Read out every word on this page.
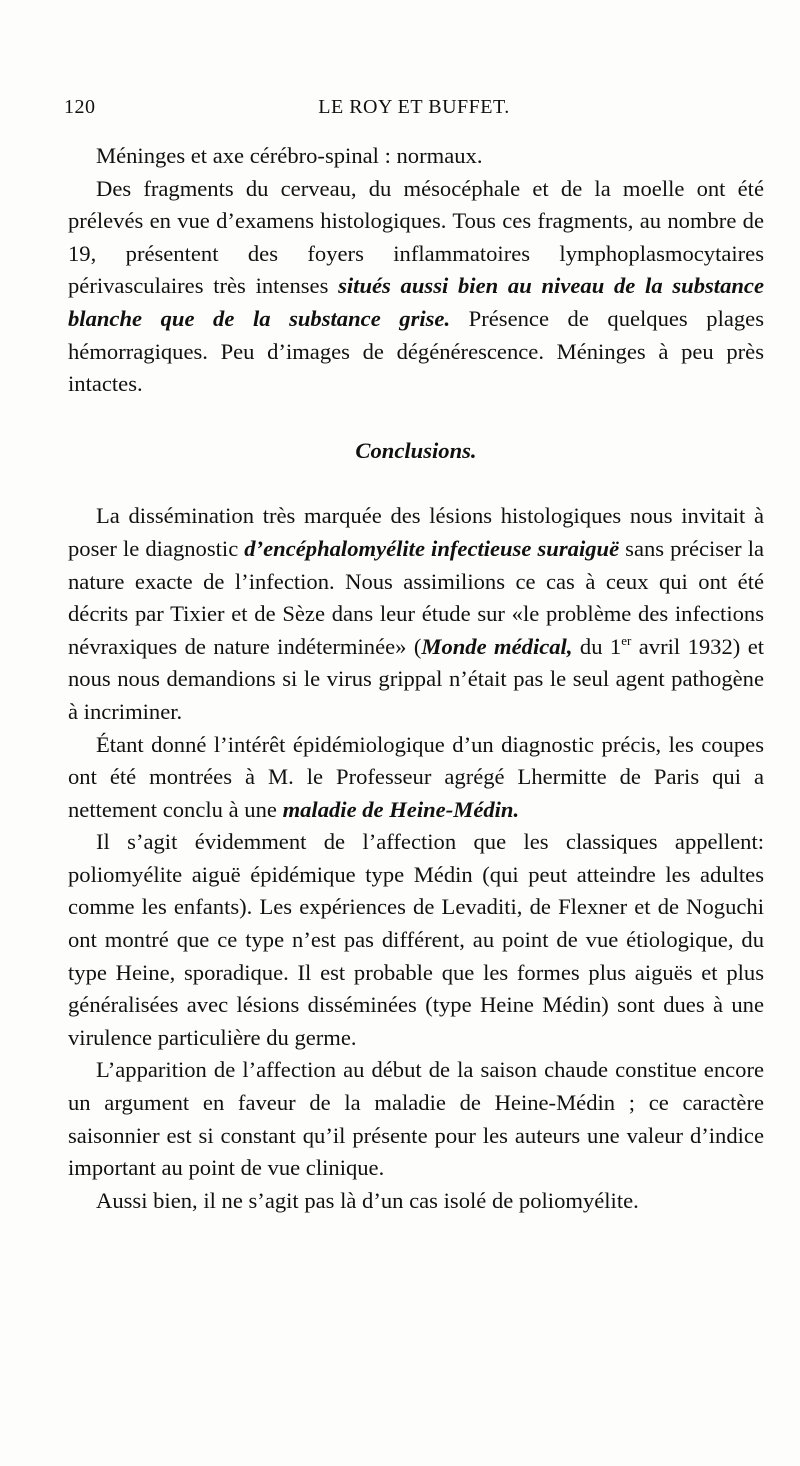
120	LE ROY ET BUFFET.

Méninges et axe cérébro-spinal : normaux.

Des fragments du cerveau, du mésocéphale et de la moelle ont été prélevés en vue d’examens histologiques. Tous ces fragments, au nombre de 19, présentent des foyers inflammatoires lymphoplasmocytaires périvasculaires très intenses situés aussi bien au niveau de la substance blanche que de la substance grise. Présence de quelques plages hémorragiques. Peu d’images de dégénérescence. Méninges à peu près intactes.

Conclusions.

La dissémination très marquée des lésions histologiques nous invitait à poser le diagnostic d’encéphalomyélite infectieuse suraiguë sans préciser la nature exacte de l’infection. Nous assimilions ce cas à ceux qui ont été décrits par Tixier et de Sèze dans leur étude sur «le problème des infections névraxiques de nature indéterminée» (Monde médical, du 1er avril 1932) et nous nous demandions si le virus grippal n’était pas le seul agent pathogène à incriminer.

Étant donné l’intérêt épidémiologique d’un diagnostic précis, les coupes ont été montrées à M. le Professeur agrégé Lhermitte de Paris qui a nettement conclu à une maladie de Heine-Médin.

Il s’agit évidemment de l’affection que les classiques appellent: poliomyélite aiguë épidémique type Médin (qui peut atteindre les adultes comme les enfants). Les expériences de Levaditi, de Flexner et de Noguchi ont montré que ce type n’est pas différent, au point de vue étiologique, du type Heine, sporadique. Il est probable que les formes plus aiguës et plus généralisées avec lésions disséminées (type Heine Médin) sont dues à une virulence particulière du germe.

L’apparition de l’affection au début de la saison chaude constitue encore un argument en faveur de la maladie de Heine-Médin ; ce caractère saisonnier est si constant qu’il présente pour les auteurs une valeur d’indice important au point de vue clinique.

Aussi bien, il ne s’agit pas là d’un cas isolé de poliomyélite.
